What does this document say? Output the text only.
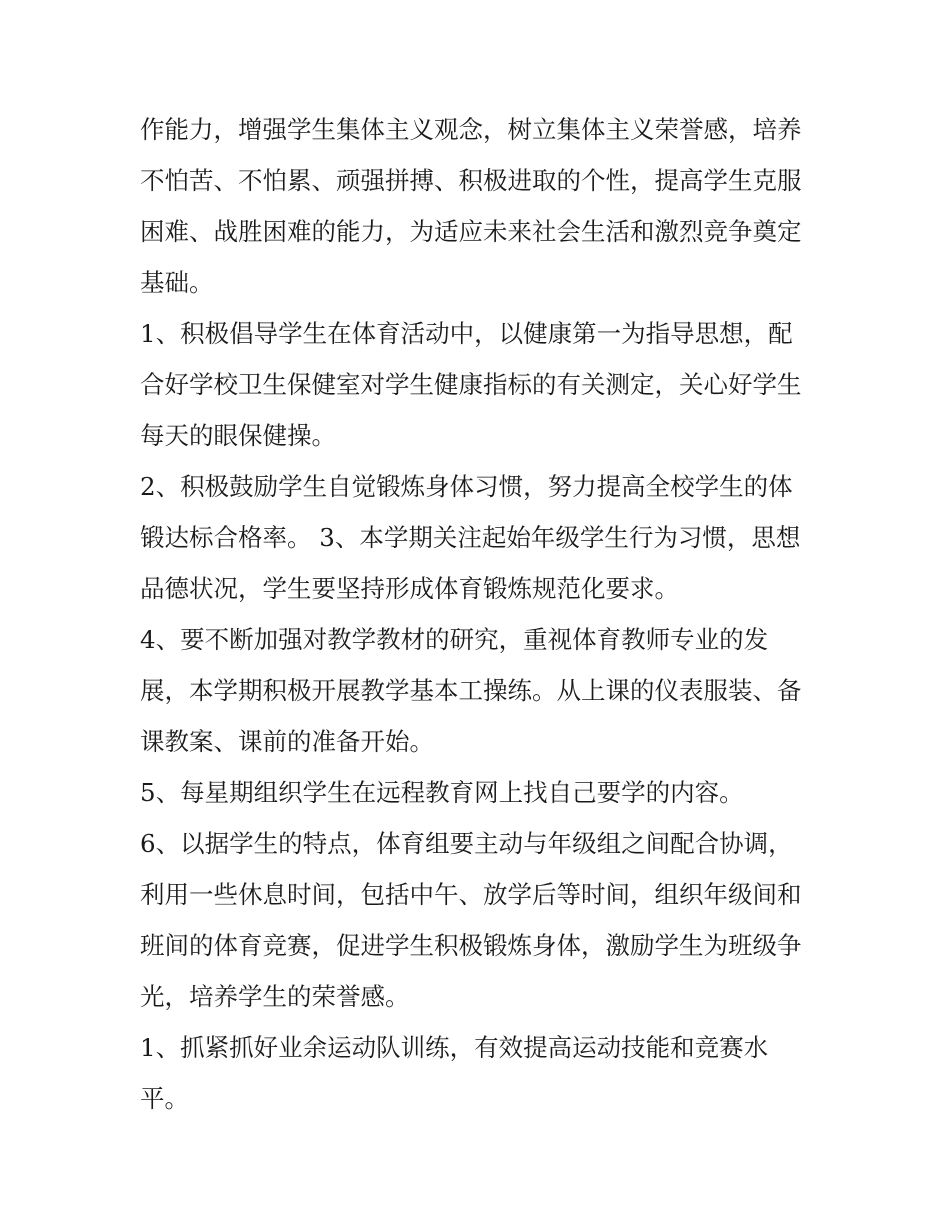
作能力，增强学生集体主义观念，树立集体主义荣誉感，培养
不怕苦、不怕累、顽强拼搏、积极进取的个性，提高学生克服
困难、战胜困难的能力，为适应未来社会生活和激烈竞争奠定
基础。
1、积极倡导学生在体育活动中，以健康第一为指导思想，配
合好学校卫生保健室对学生健康指标的有关测定，关心好学生
每天的眼保健操。
2、积极鼓励学生自觉锻炼身体习惯，努力提高全校学生的体
锻达标合格率。 3、本学期关注起始年级学生行为习惯，思想
品德状况，学生要坚持形成体育锻炼规范化要求。
4、要不断加强对教学教材的研究，重视体育教师专业的发
展，本学期积极开展教学基本工操练。从上课的仪表服装、备
课教案、课前的准备开始。
5、每星期组织学生在远程教育网上找自己要学的内容。
6、以据学生的特点，体育组要主动与年级组之间配合协调，
利用一些休息时间，包括中午、放学后等时间，组织年级间和
班间的体育竞赛，促进学生积极锻炼身体，激励学生为班级争
光，培养学生的荣誉感。
1、抓紧抓好业余运动队训练，有效提高运动技能和竞赛水
平。
